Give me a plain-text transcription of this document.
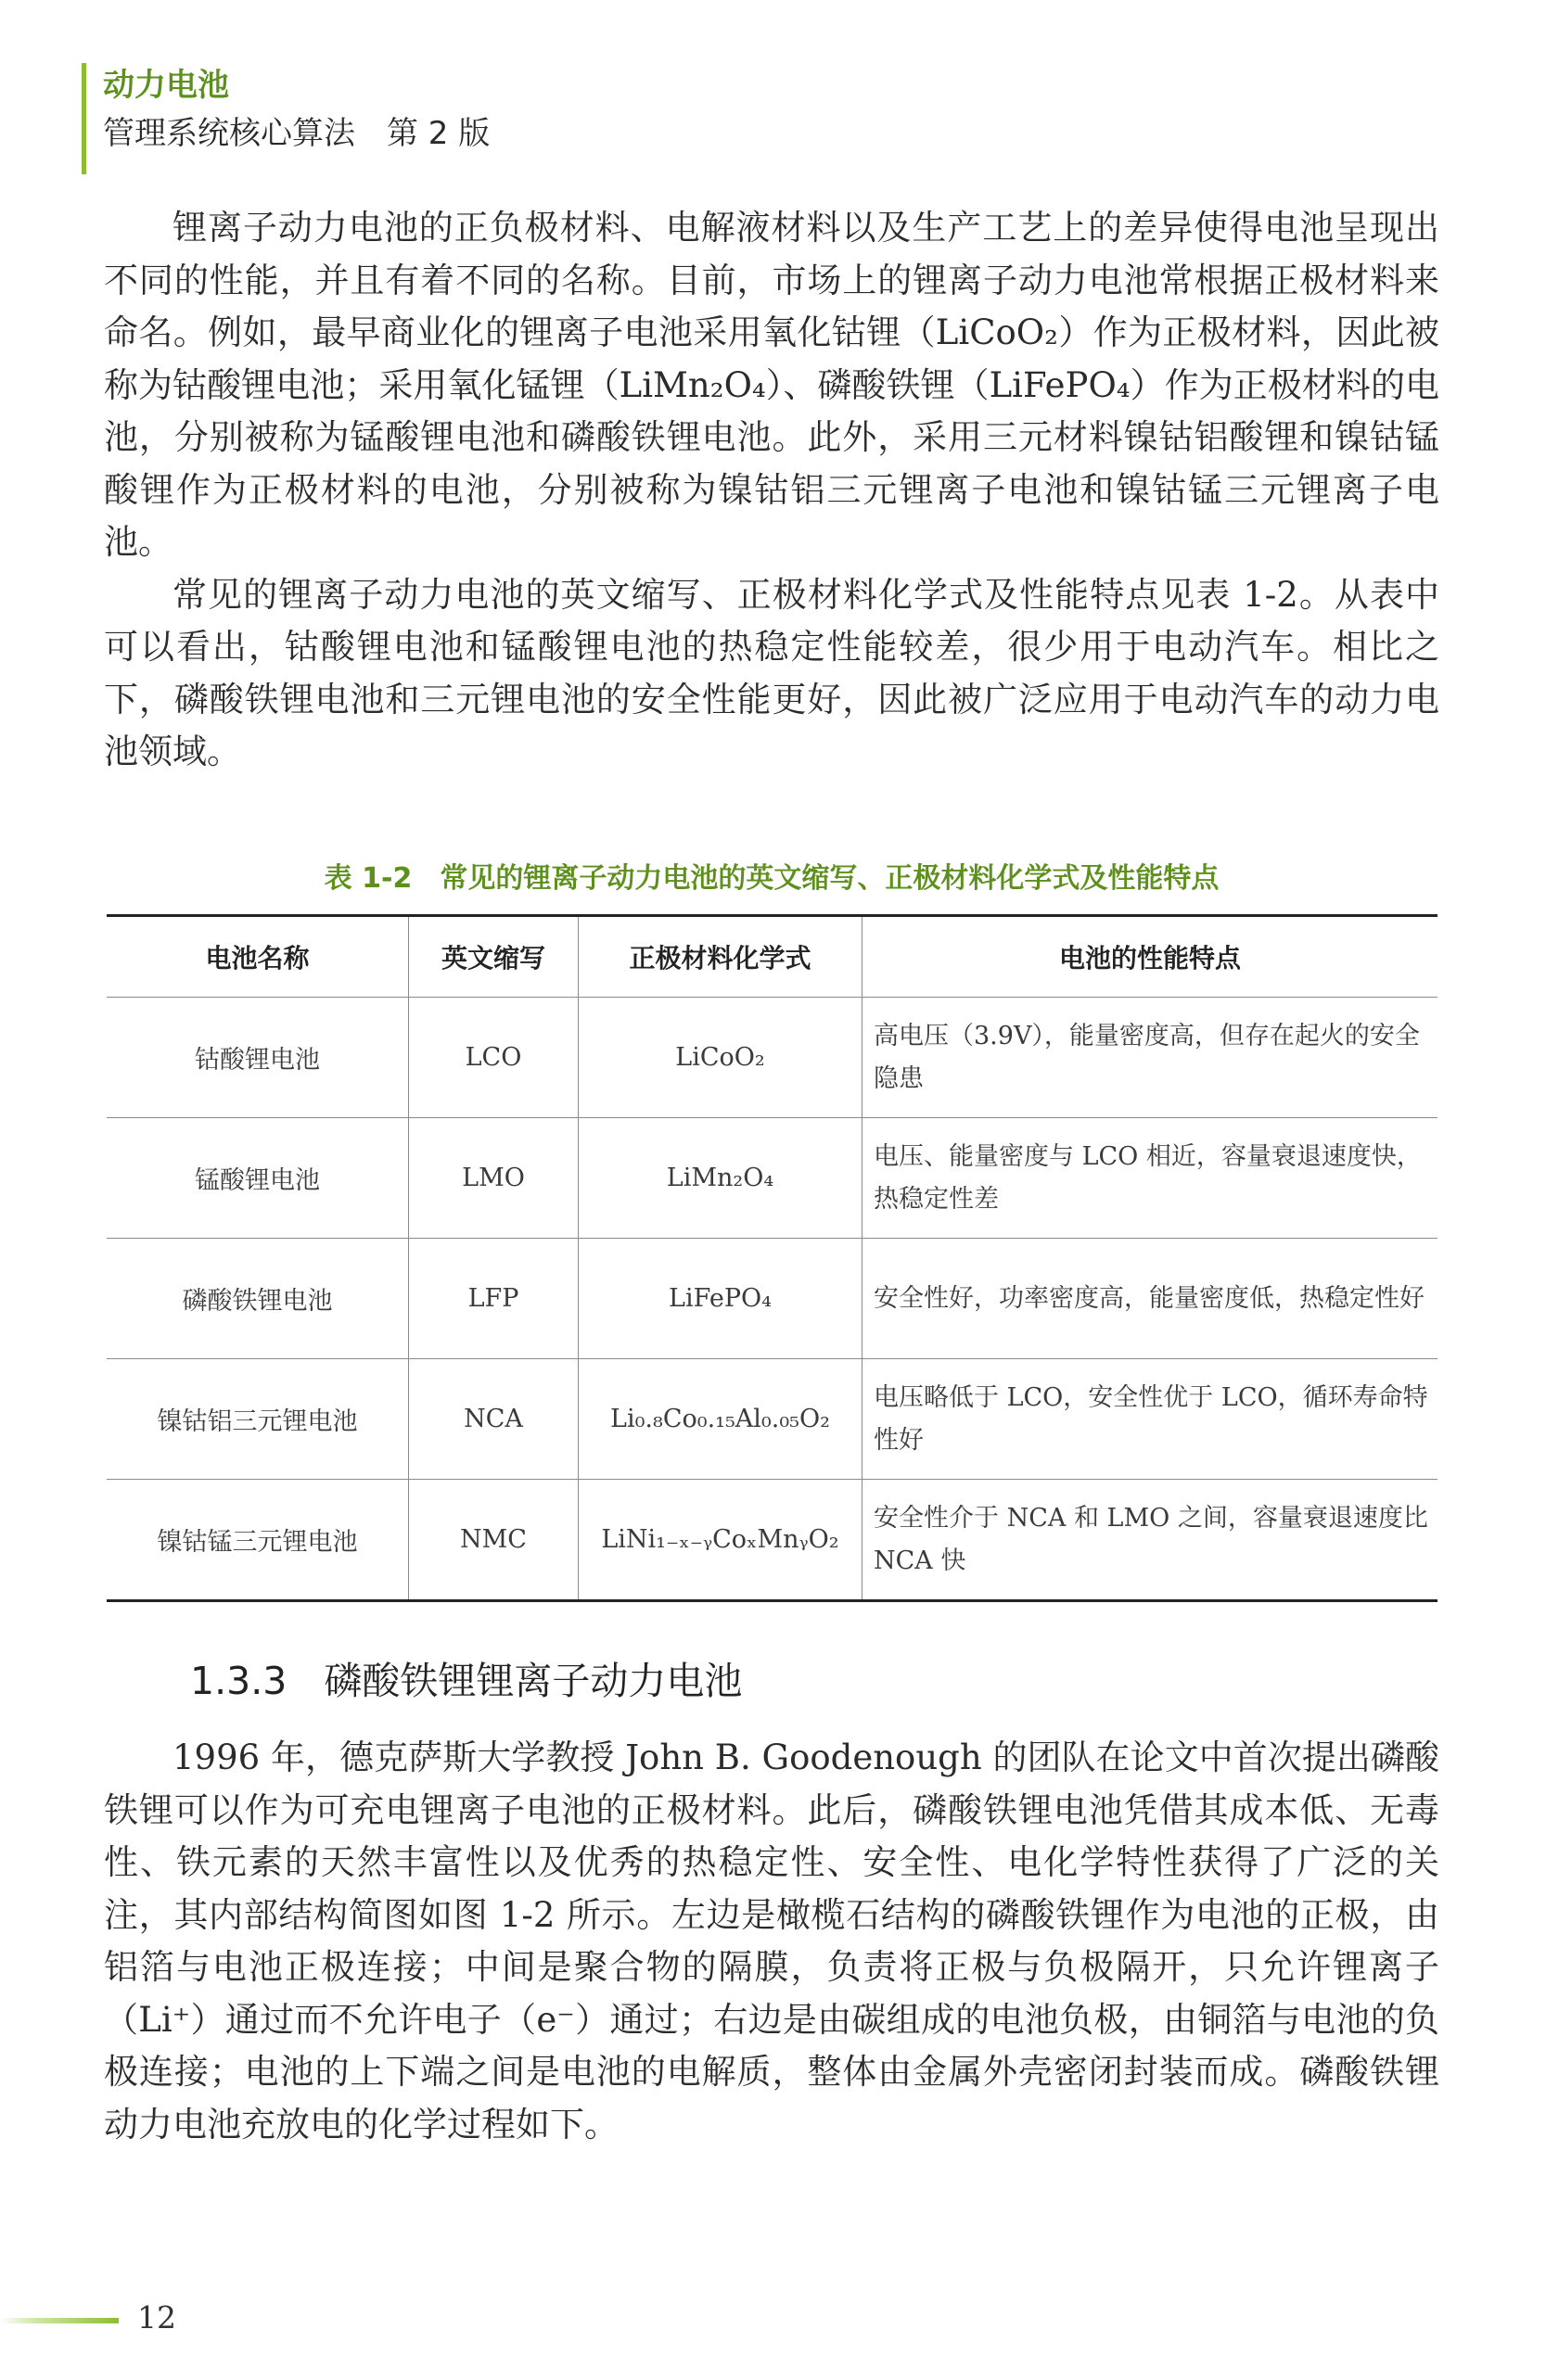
动力电池
管理系统核心算法　第 2 版

锂离子动力电池的正负极材料、电解液材料以及生产工艺上的差异使得电池呈现出不同的性能，并且有着不同的名称。目前，市场上的锂离子动力电池常根据正极材料来命名。例如，最早商业化的锂离子电池采用氧化钴锂（LiCoO₂）作为正极材料，因此被称为钴酸锂电池；采用氧化锰锂（LiMn₂O₄）、磷酸铁锂（LiFePO₄）作为正极材料的电池，分别被称为锰酸锂电池和磷酸铁锂电池。此外，采用三元材料镍钴铝酸锂和镍钴锰酸锂作为正极材料的电池，分别被称为镍钴铝三元锂离子电池和镍钴锰三元锂离子电池。

常见的锂离子动力电池的英文缩写、正极材料化学式及性能特点见表 1-2。从表中可以看出，钴酸锂电池和锰酸锂电池的热稳定性能较差，很少用于电动汽车。相比之下，磷酸铁锂电池和三元锂电池的安全性能更好，因此被广泛应用于电动汽车的动力电池领域。

表 1-2　常见的锂离子动力电池的英文缩写、正极材料化学式及性能特点
电池名称	英文缩写	正极材料化学式	电池的性能特点
钴酸锂电池	LCO	LiCoO₂	高电压（3.9V），能量密度高，但存在起火的安全隐患
锰酸锂电池	LMO	LiMn₂O₄	电压、能量密度与 LCO 相近，容量衰退速度快，热稳定性差
磷酸铁锂电池	LFP	LiFePO₄	安全性好，功率密度高，能量密度低，热稳定性好
镍钴铝三元锂电池	NCA	Li₀.₈Co₀.₁₅Al₀.₀₅O₂	电压略低于 LCO，安全性优于 LCO，循环寿命特性好
镍钴锰三元锂电池	NMC	LiNi₁₋ₓ₋ᵧCoₓMnᵧO₂	安全性介于 NCA 和 LMO 之间，容量衰退速度比 NCA 快
1.3.3 磷酸铁锂锂离子动力电池

1996 年，德克萨斯大学教授 John B. Goodenough 的团队在论文中首次提出磷酸铁锂可以作为可充电锂离子电池的正极材料。此后，磷酸铁锂电池凭借其成本低、无毒性、铁元素的天然丰富性以及优秀的热稳定性、安全性、电化学特性获得了广泛的关注，其内部结构简图如图 1-2 所示。左边是橄榄石结构的磷酸铁锂作为电池的正极，由铝箔与电池正极连接；中间是聚合物的隔膜，负责将正极与负极隔开，只允许锂离子（Li⁺）通过而不允许电子（e⁻）通过；右边是由碳组成的电池负极，由铜箔与电池的负极连接；电池的上下端之间是电池的电解质，整体由金属外壳密闭封装而成。磷酸铁锂动力电池充放电的化学过程如下。

12
